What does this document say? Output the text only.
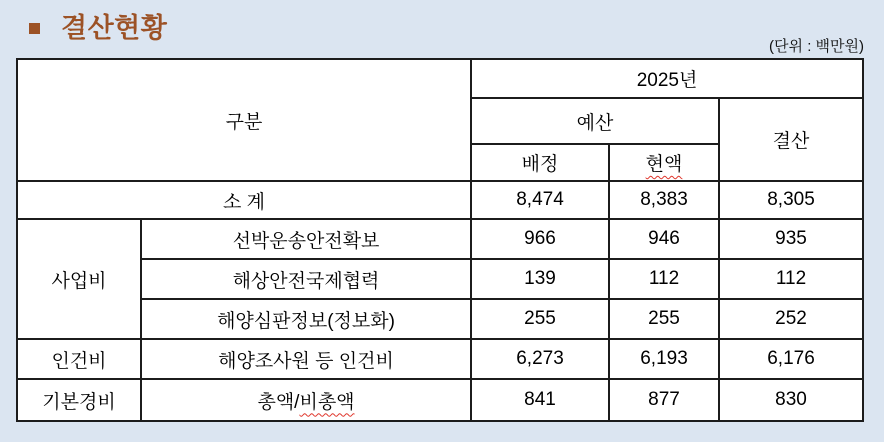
결산현황
(단위 : 백만원)
구분		2025년		
		예산		결산
		배정	현액	
소 계		8,474	8,383	8,305
사업비	선박운송안전확보	966	946	935
	해상안전국제협력	139	112	112
	해양심판정보(정보화)	255	255	252
인건비	해양조사원 등 인건비	6,273	6,193	6,176
기본경비	총액/비총액	841	877	830
